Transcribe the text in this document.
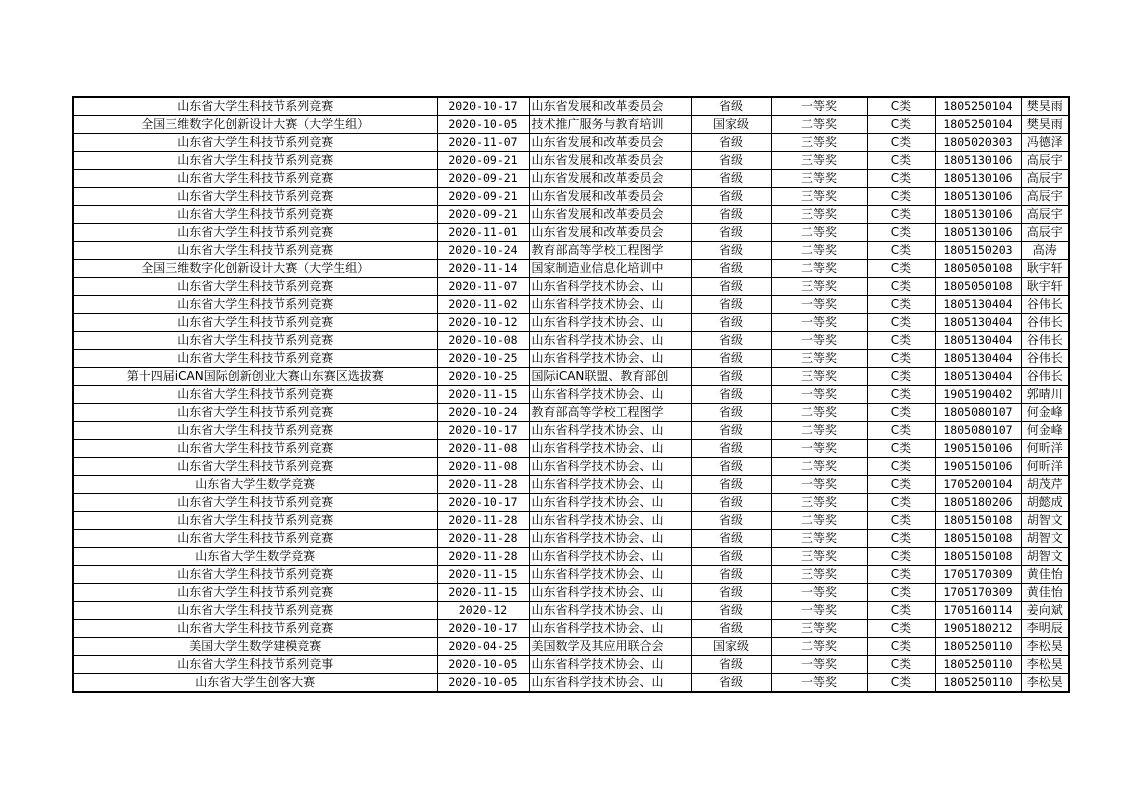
山东省大学生科技节系列竞赛	2020-10-17	山东省发展和改革委员会	省级	一等奖	C类	1805250104	樊昊雨
全国三维数字化创新设计大赛（大学生组）	2020-10-05	技术推广服务与教育培训	国家级	二等奖	C类	1805250104	樊昊雨
山东省大学生科技节系列竞赛	2020-11-07	山东省发展和改革委员会	省级	三等奖	C类	1805020303	冯德泽
山东省大学生科技节系列竞赛	2020-09-21	山东省发展和改革委员会	省级	三等奖	C类	1805130106	高辰宇
山东省大学生科技节系列竞赛	2020-09-21	山东省发展和改革委员会	省级	三等奖	C类	1805130106	高辰宇
山东省大学生科技节系列竞赛	2020-09-21	山东省发展和改革委员会	省级	三等奖	C类	1805130106	高辰宇
山东省大学生科技节系列竞赛	2020-09-21	山东省发展和改革委员会	省级	三等奖	C类	1805130106	高辰宇
山东省大学生科技节系列竞赛	2020-11-01	山东省发展和改革委员会	省级	二等奖	C类	1805130106	高辰宇
山东省大学生科技节系列竞赛	2020-10-24	教育部高等学校工程图学	省级	二等奖	C类	1805150203	高涛
全国三维数字化创新设计大赛（大学生组）	2020-11-14	国家制造业信息化培训中	省级	二等奖	C类	1805050108	耿宇轩
山东省大学生科技节系列竞赛	2020-11-07	山东省科学技术协会、山	省级	三等奖	C类	1805050108	耿宇轩
山东省大学生科技节系列竞赛	2020-11-02	山东省科学技术协会、山	省级	一等奖	C类	1805130404	谷伟长
山东省大学生科技节系列竞赛	2020-10-12	山东省科学技术协会、山	省级	一等奖	C类	1805130404	谷伟长
山东省大学生科技节系列竞赛	2020-10-08	山东省科学技术协会、山	省级	一等奖	C类	1805130404	谷伟长
山东省大学生科技节系列竞赛	2020-10-25	山东省科学技术协会、山	省级	三等奖	C类	1805130404	谷伟长
第十四届iCAN国际创新创业大赛山东赛区选拔赛	2020-10-25	国际iCAN联盟、教育部创	省级	三等奖	C类	1805130404	谷伟长
山东省大学生科技节系列竞赛	2020-11-15	山东省科学技术协会、山	省级	一等奖	C类	1905190402	郭晴川
山东省大学生科技节系列竞赛	2020-10-24	教育部高等学校工程图学	省级	二等奖	C类	1805080107	何金峰
山东省大学生科技节系列竞赛	2020-10-17	山东省科学技术协会、山	省级	二等奖	C类	1805080107	何金峰
山东省大学生科技节系列竞赛	2020-11-08	山东省科学技术协会、山	省级	一等奖	C类	1905150106	何昕洋
山东省大学生科技节系列竞赛	2020-11-08	山东省科学技术协会、山	省级	二等奖	C类	1905150106	何昕洋
山东省大学生数学竞赛	2020-11-28	山东省科学技术协会、山	省级	一等奖	C类	1705200104	胡茂芹
山东省大学生科技节系列竞赛	2020-10-17	山东省科学技术协会、山	省级	三等奖	C类	1805180206	胡懿成
山东省大学生科技节系列竞赛	2020-11-28	山东省科学技术协会、山	省级	二等奖	C类	1805150108	胡智文
山东省大学生科技节系列竞赛	2020-11-28	山东省科学技术协会、山	省级	三等奖	C类	1805150108	胡智文
山东省大学生数学竞赛	2020-11-28	山东省科学技术协会、山	省级	三等奖	C类	1805150108	胡智文
山东省大学生科技节系列竞赛	2020-11-15	山东省科学技术协会、山	省级	三等奖	C类	1705170309	黄佳怡
山东省大学生科技节系列竞赛	2020-11-15	山东省科学技术协会、山	省级	一等奖	C类	1705170309	黄佳怡
山东省大学生科技节系列竞赛	2020-12	山东省科学技术协会、山	省级	一等奖	C类	1705160114	姜向斌
山东省大学生科技节系列竞赛	2020-10-17	山东省科学技术协会、山	省级	三等奖	C类	1905180212	李明辰
美国大学生数学建模竞赛	2020-04-25	美国数学及其应用联合会	国家级	二等奖	C类	1805250110	李松昊
山东省大学生科技节系列竞事	2020-10-05	山东省科学技术协会、山	省级	一等奖	C类	1805250110	李松昊
山东省大学生创客大赛	2020-10-05	山东省科学技术协会、山	省级	一等奖	C类	1805250110	李松昊
